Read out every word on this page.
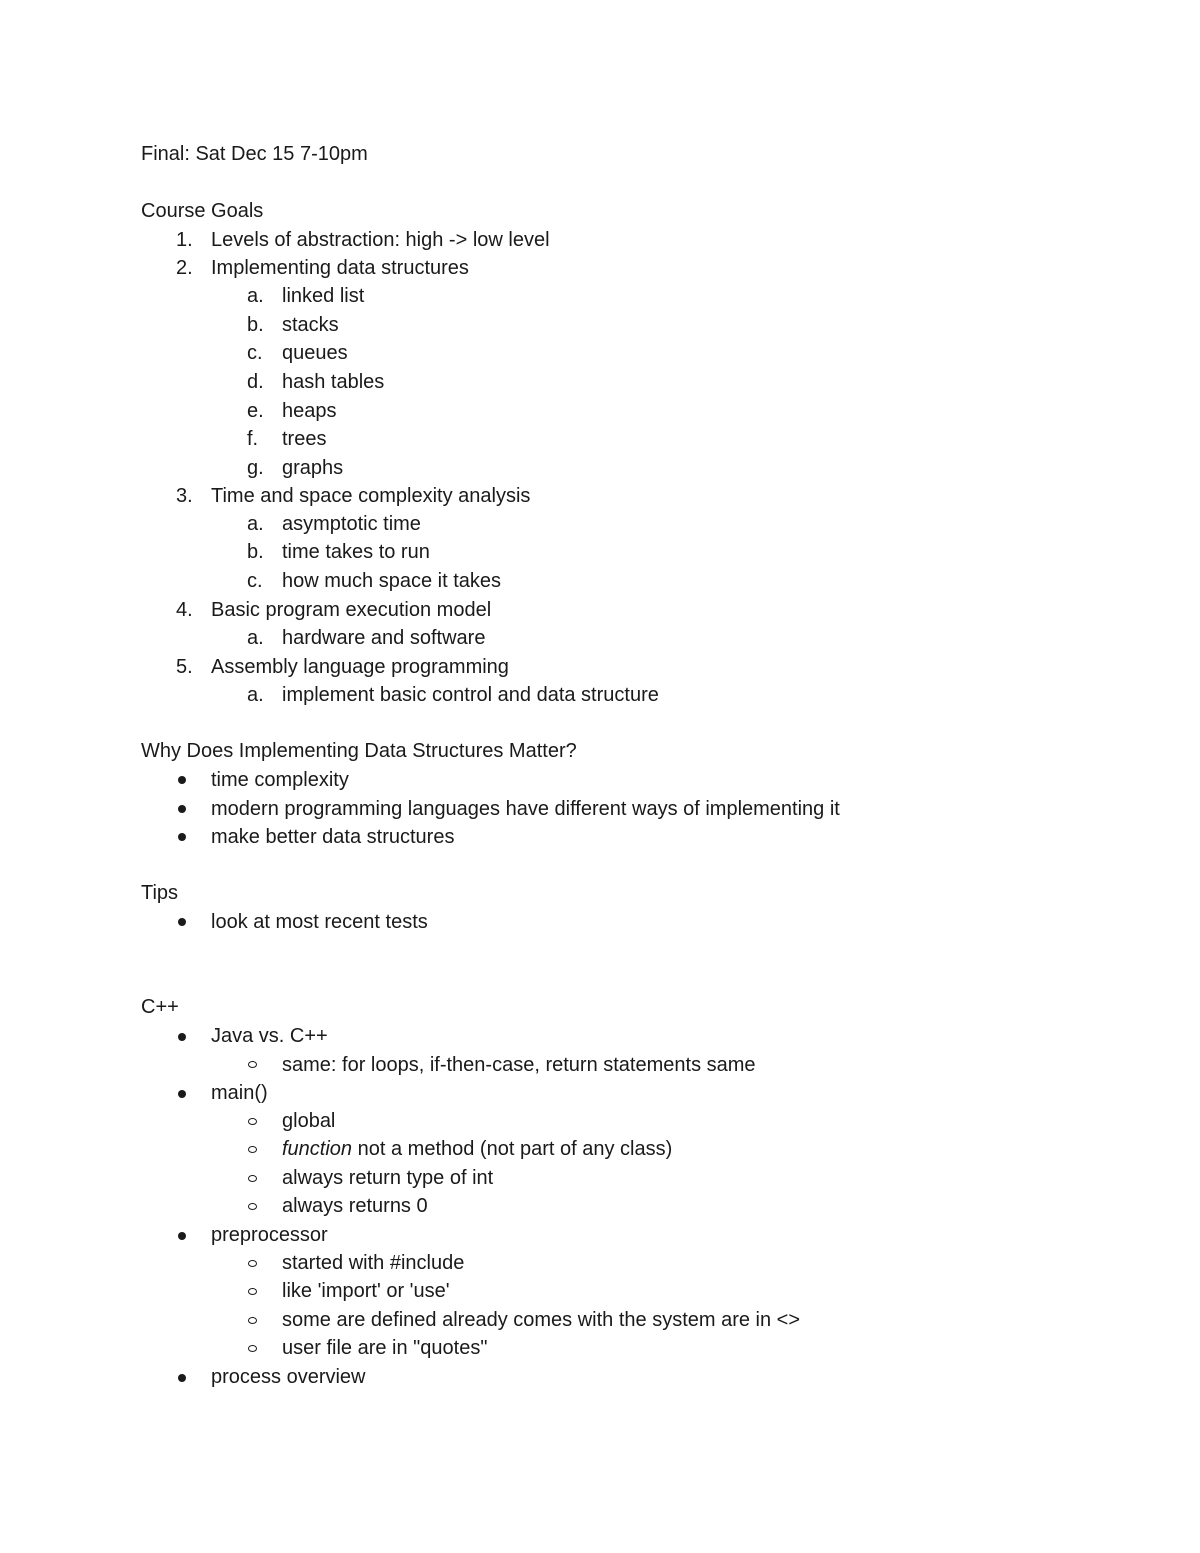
Final: Sat Dec 15 7-10pm
Course Goals
1. Levels of abstraction: high -> low level
2. Implementing data structures
a. linked list
b. stacks
c. queues
d. hash tables
e. heaps
f. trees
g. graphs
3. Time and space complexity analysis
a. asymptotic time
b. time takes to run
c. how much space it takes
4. Basic program execution model
a. hardware and software
5. Assembly language programming
a. implement basic control and data structure
Why Does Implementing Data Structures Matter?
time complexity
modern programming languages have different ways of implementing it
make better data structures
Tips
look at most recent tests
C++
Java vs. C++
same: for loops, if-then-case, return statements same
main()
global
function not a method (not part of any class)
always return type of int
always returns 0
preprocessor
started with #include
like 'import' or 'use'
some are defined already comes with the system are in <>
user file are in "quotes"
process overview
